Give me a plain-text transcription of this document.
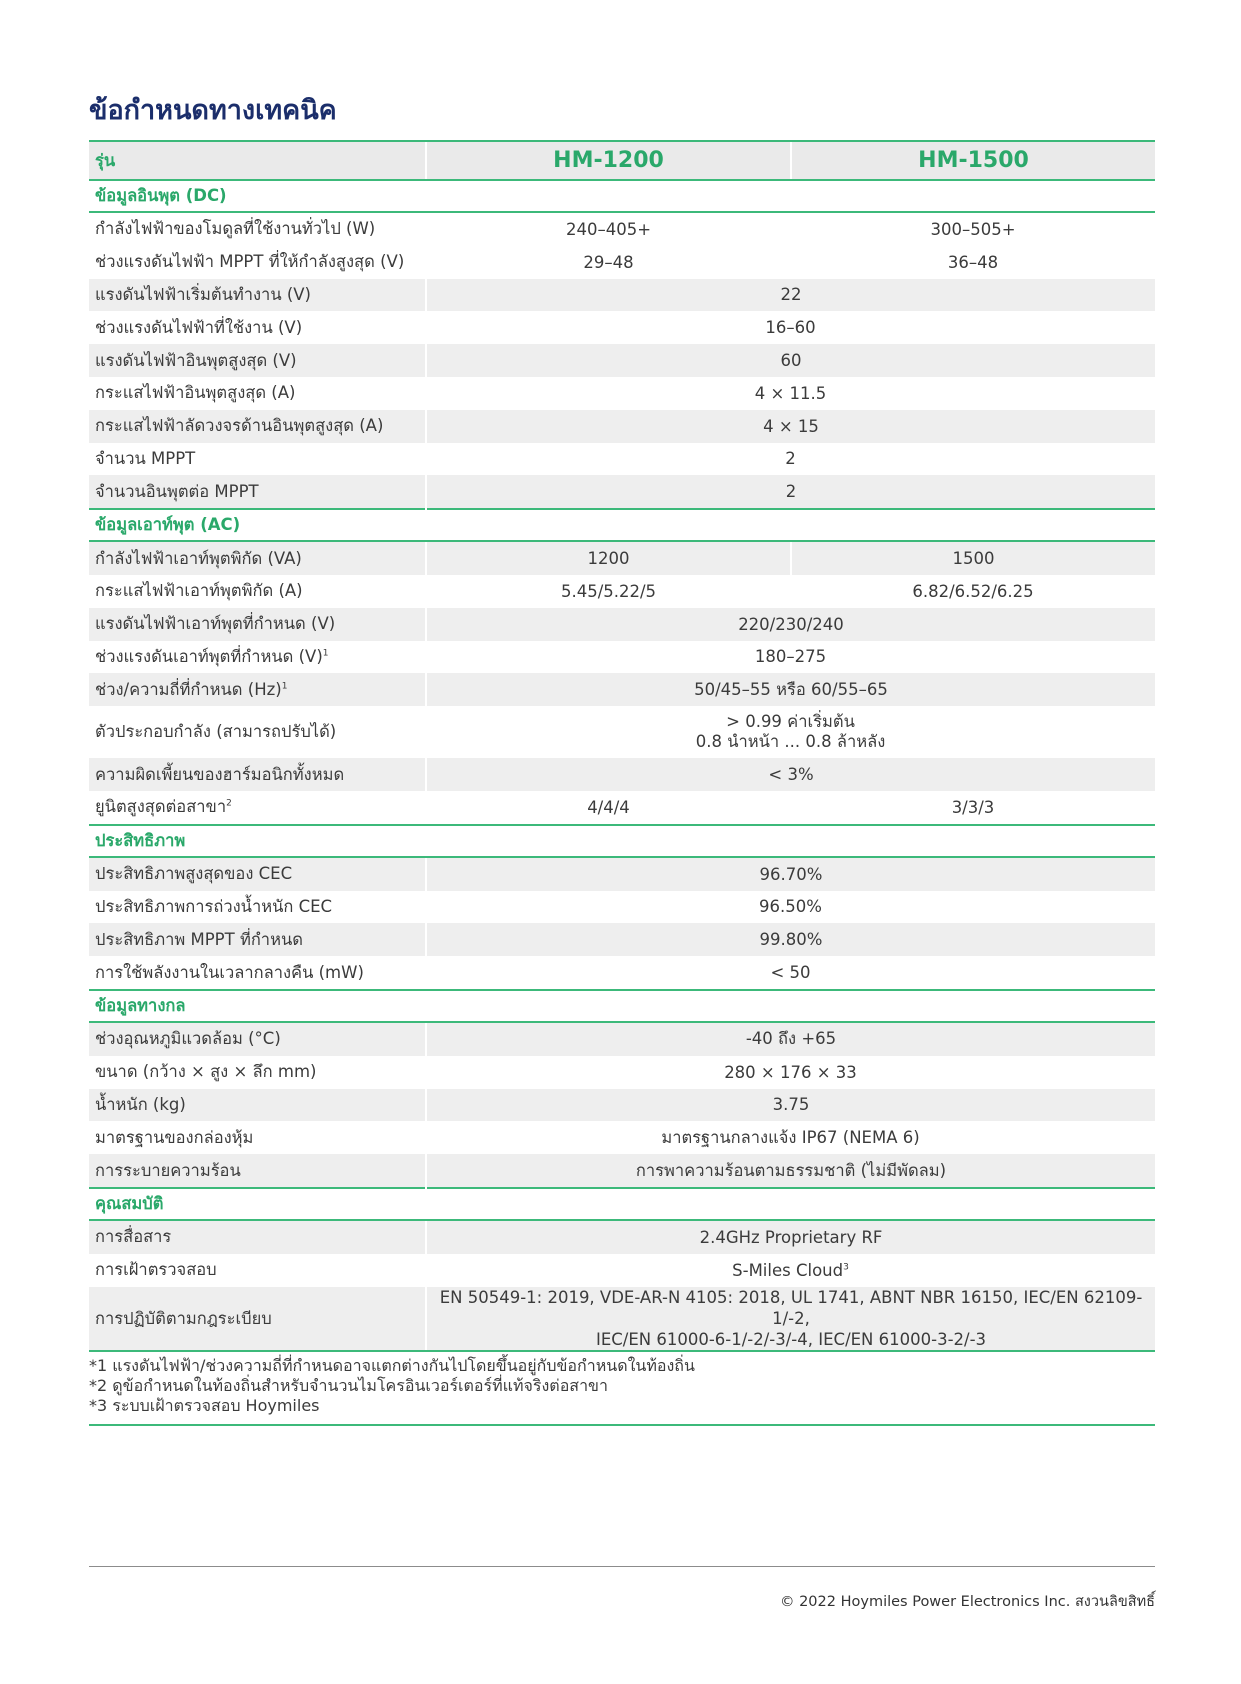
ข้อกำหนดทางเทคนิค
รุ่น	HM-1200	HM-1500
ข้อมูลอินพุต (DC)		
กำลังไฟฟ้าของโมดูลที่ใช้งานทั่วไป (W)	240–405+	300–505+
ช่วงแรงดันไฟฟ้า MPPT ที่ให้กำลังสูงสุด (V)	29–48	36–48
แรงดันไฟฟ้าเริ่มต้นทำงาน (V)	22	
ช่วงแรงดันไฟฟ้าที่ใช้งาน (V)	16–60	
แรงดันไฟฟ้าอินพุตสูงสุด (V)	60	
กระแสไฟฟ้าอินพุตสูงสุด (A)	4 × 11.5	
กระแสไฟฟ้าลัดวงจรด้านอินพุตสูงสุด (A)	4 × 15	
จำนวน MPPT	2	
จำนวนอินพุตต่อ MPPT	2	
ข้อมูลเอาท์พุต (AC)		
กำลังไฟฟ้าเอาท์พุตพิกัด (VA)	1200	1500
กระแสไฟฟ้าเอาท์พุตพิกัด (A)	5.45/5.22/5	6.82/6.52/6.25
แรงดันไฟฟ้าเอาท์พุตที่กำหนด (V)	220/230/240	
ช่วงแรงดันเอาท์พุตที่กำหนด $(V)^1$	180–275	
ช่วง/ความถี่ที่กำหนด $(Hz)^1$	50/45–55 หรือ 60/55–65	
ตัวประกอบกำลัง (สามารถปรับได้)	> 0.99 ค่าเริ่มต้น
0.8 นำหน้า ... 0.8 ล้าหลัง	

ความผิดเพี้ยนของฮาร์มอนิกทั้งหมด	< 3%	
ยูนิตสูงสุดต่อสาขา$^2$	4/4/4	3/3/3
ประสิทธิภาพ		
ประสิทธิภาพสูงสุดของ CEC	96.70%	
ประสิทธิภาพการถ่วงน้ำหนัก CEC	96.50%	
ประสิทธิภาพ MPPT ที่กำหนด	99.80%	
การใช้พลังงานในเวลากลางคืน (mW)	< 50	
ข้อมูลทางกล		
ช่วงอุณหภูมิแวดล้อม (°C)	-40 ถึง +65	
ขนาด (กว้าง × สูง × ลึก mm)	280 × 176 × 33	
น้ำหนัก (kg)	3.75	
มาตรฐานของกล่องหุ้ม	มาตรฐานกลางแจ้ง IP67 (NEMA 6)	
การระบายความร้อน	การพาความร้อนตามธรรมชาติ (ไม่มีพัดลม)	
คุณสมบัติ		
การสื่อสาร	2.4GHz Proprietary RF	
การเฝ้าตรวจสอบ	S-Miles Cloud$^3$
การปฏิบัติตามกฎระเบียบ	EN 50549-1: 2019, VDE-AR-N 4105: 2018, UL 1741, ABNT NBR 16150, IEC/EN 62109-1/-2,
IEC/EN 61000-6-1/-2/-3/-4, IEC/EN 61000-3-2/-3	
*1 แรงดันไฟฟ้า/ช่วงความถี่ที่กำหนดอาจแตกต่างกันไปโดยขึ้นอยู่กับข้อกำหนดในท้องถิ่น
*2 ดูข้อกำหนดในท้องถิ่นสำหรับจำนวนไมโครอินเวอร์เตอร์ที่แท้จริงต่อสาขา
*3 ระบบเฝ้าตรวจสอบ Hoymiles
© 2022 Hoymiles Power Electronics Inc. สงวนลิขสิทธิ์
